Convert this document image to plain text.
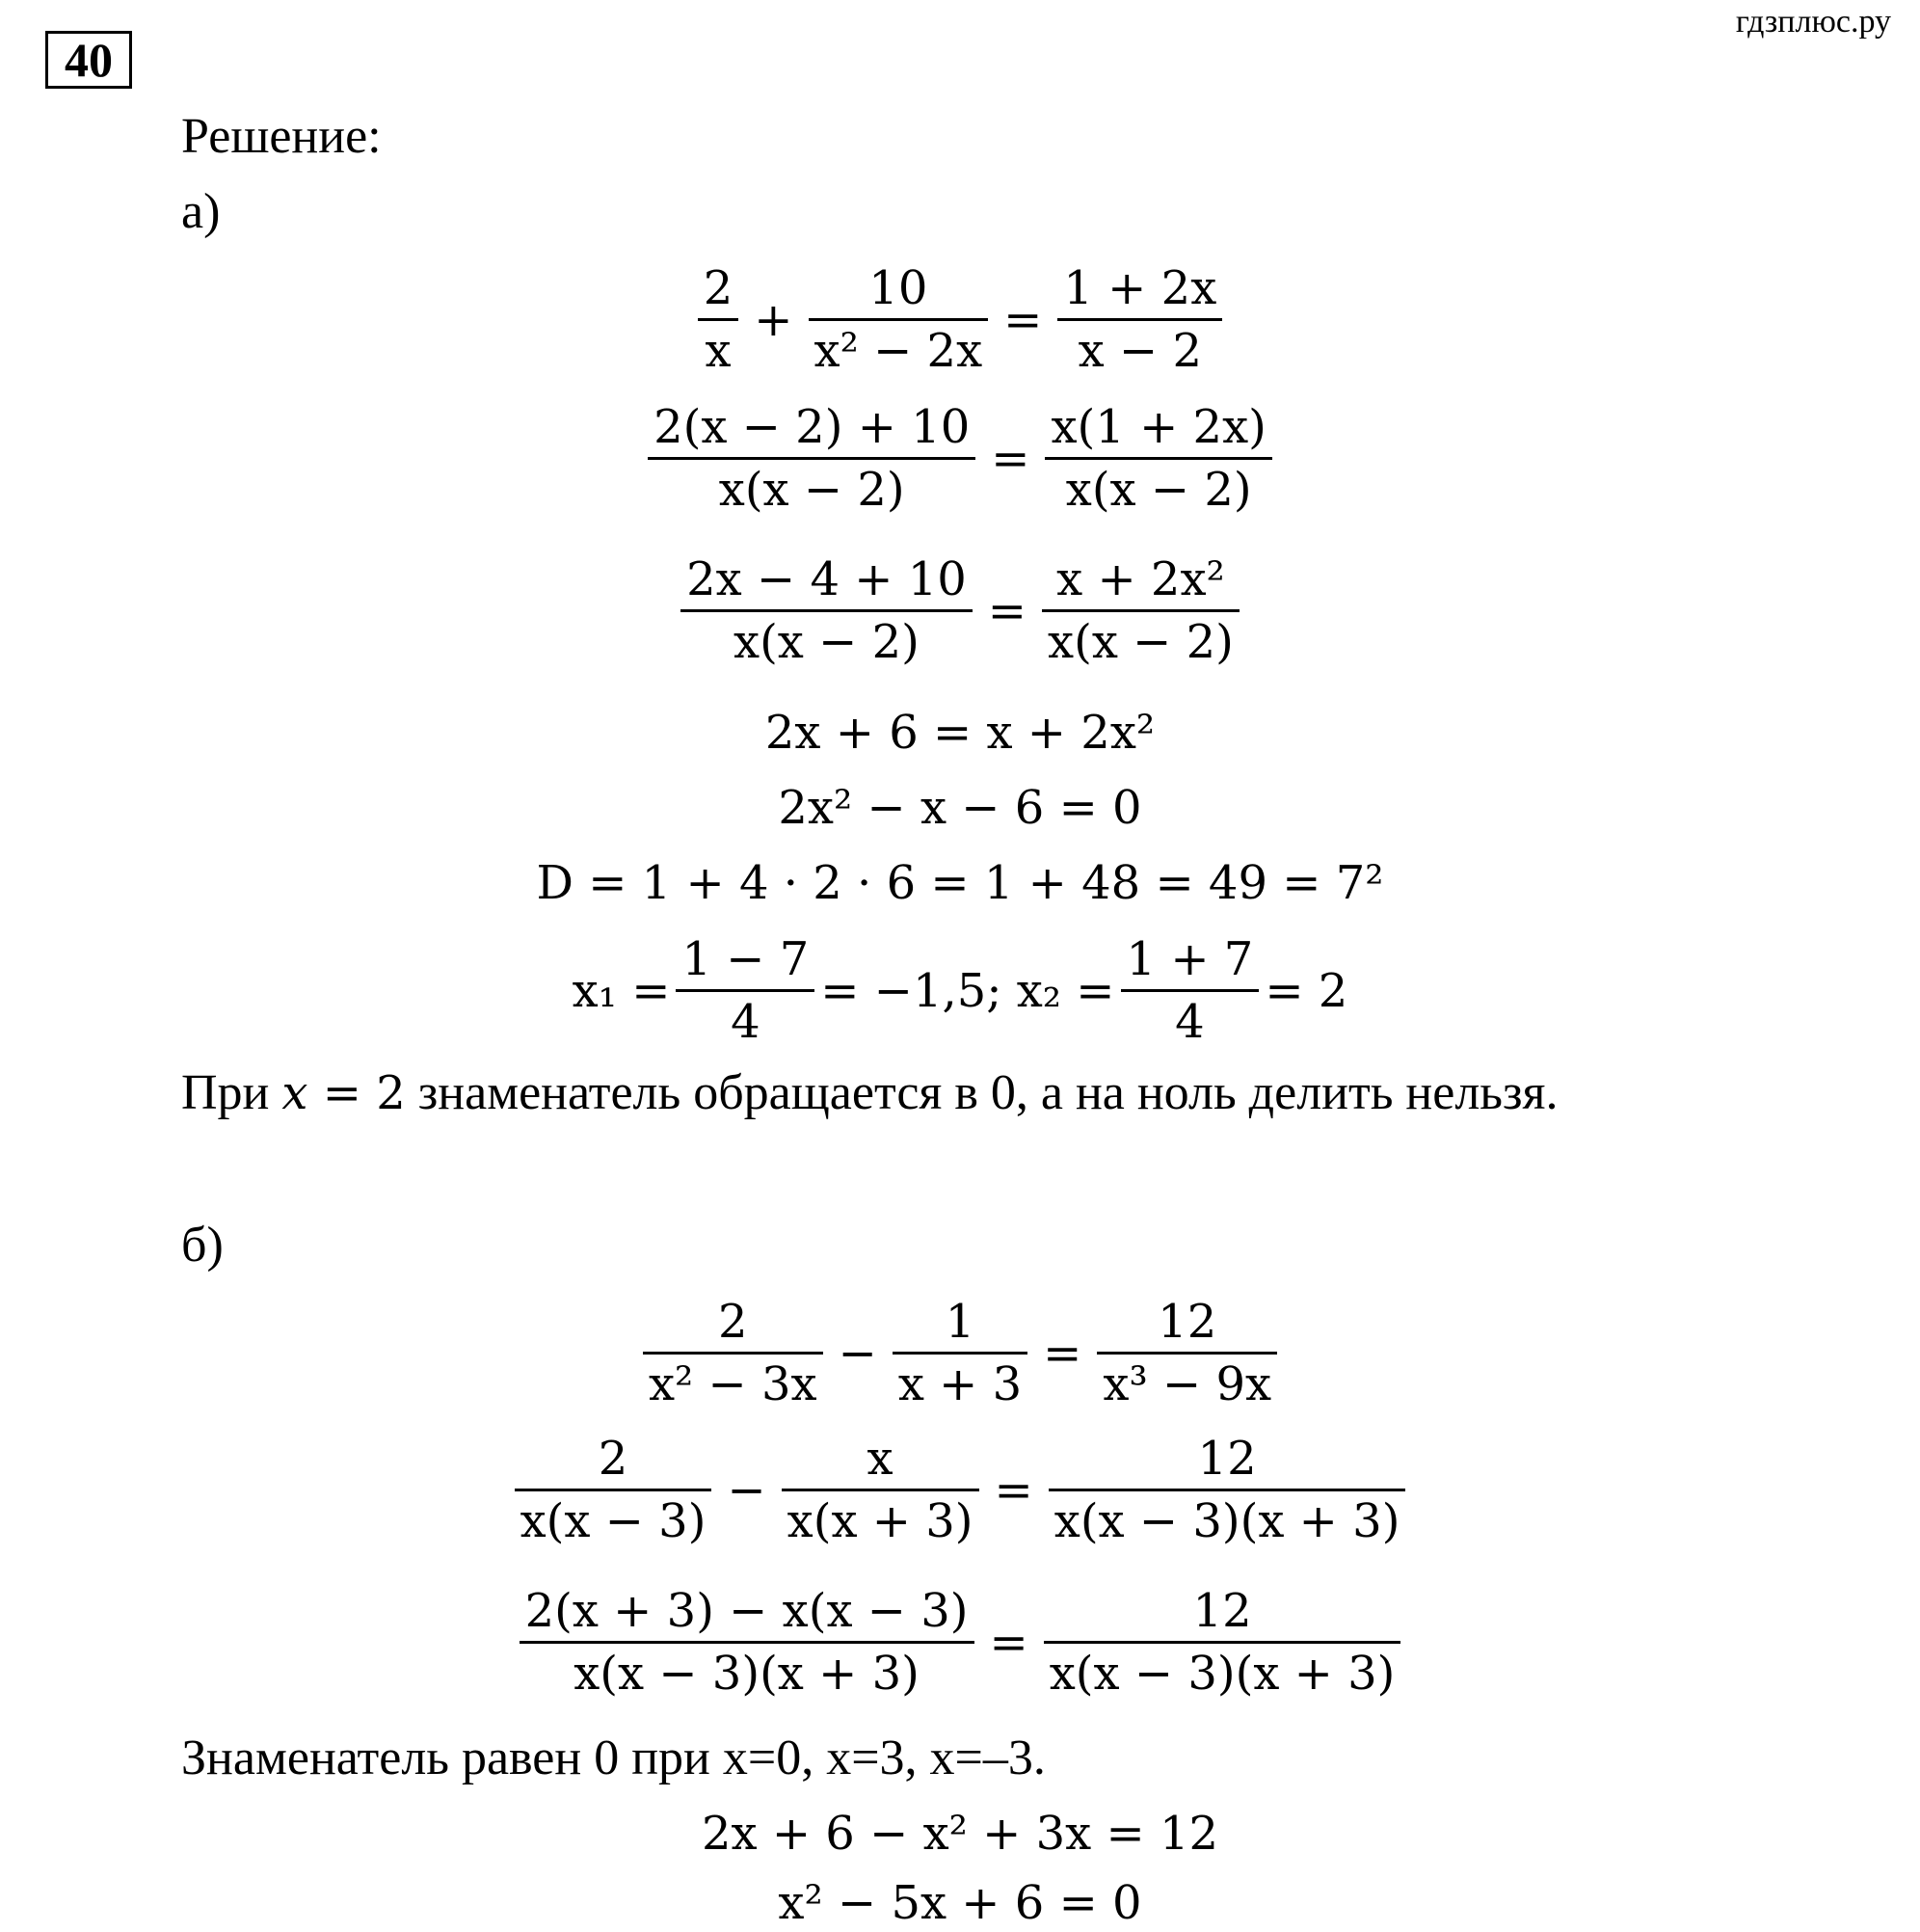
40
гдзплюс.ру
Решение:
а)
$\frac{2}{x} + \frac{10}{\text{x² − 2x}} = \frac{1 + 2x}{x - 2}$
$\frac{2(x - 2) + 10}{x(x - 2)} = \frac{x(1 + 2x)}{x(x - 2)}$
$\frac{2x - 4 + 10}{x(x - 2)} = \frac{\text{x + 2x²}}{x(x - 2)}$
2x + 6 = x + 2x²
2x² − x − 6 = 0
D = 1 + 4 · 2 · 6 = 1 + 48 = 49 = 7²
$x_1 = \frac{1 - 7}{4} = -1,5$; $x_2 = \frac{1 + 7}{4} = 2$
При x = 2 знаменатель обращается в 0, а на ноль делить нельзя.
б)
$\frac{2}{\text{x² − 3x}} - \frac{1}{x + 3} = \frac{12}{\text{x³ − 9x}}$
$\frac{2}{x(x - 3)} - \frac{x}{x(x + 3)} = \frac{12}{x(x - 3)(x + 3)}$
$\frac{2(x + 3) - x(x - 3)}{x(x - 3)(x + 3)} = \frac{12}{x(x - 3)(x + 3)}$
Знаменатель равен 0 при x=0, x=3, x=–3.
2x + 6 − x² + 3x = 12
x² − 5x + 6 = 0
